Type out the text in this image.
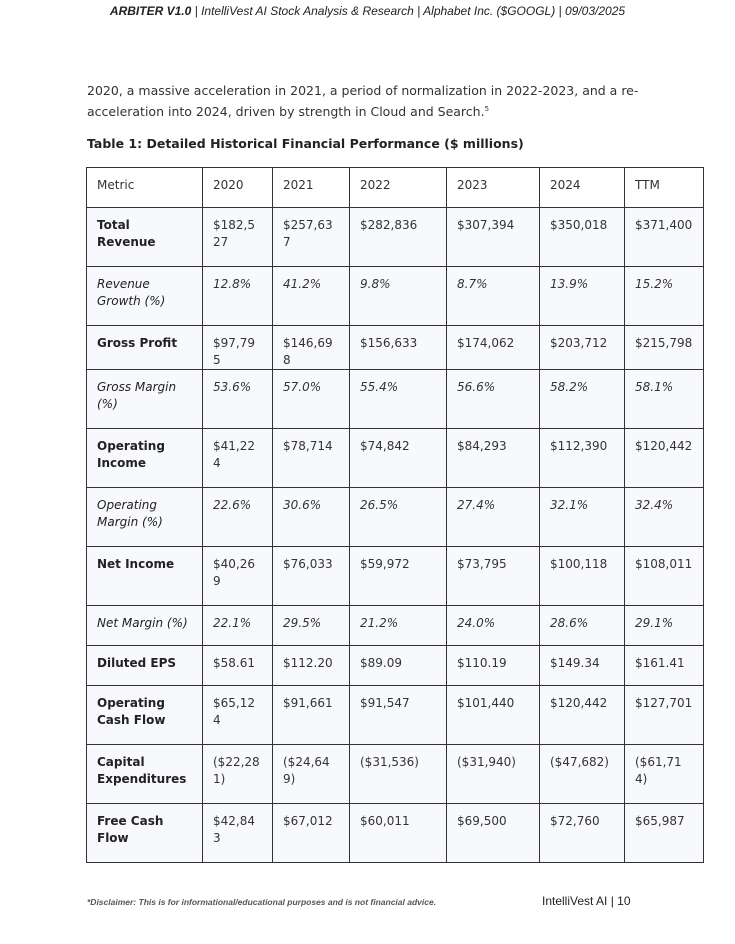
ARBITER V1.0 | IntelliVest AI Stock Analysis & Research | Alphabet Inc. ($GOOGL) | 09/03/2025
2020, a massive acceleration in 2021, a period of normalization in 2022-2023, and a re-acceleration into 2024, driven by strength in Cloud and Search.$^5$
Table 1: Detailed Historical Financial Performance ($ millions)
Metric	2020	2021	2022	2023	2024	TTM
Total Revenue	$182,527	$257,637	$282,836	$307,394	$350,018	$371,400
Revenue Growth (%)	12.8%	41.2%	9.8%	8.7%	13.9%	15.2%
Gross Profit	$97,795	$146,698	$156,633	$174,062	$203,712	$215,798
Gross Margin (%)	53.6%	57.0%	55.4%	56.6%	58.2%	58.1%
Operating Income	$41,224	$78,714	$74,842	$84,293	$112,390	$120,442
Operating Margin (%)	22.6%	30.6%	26.5%	27.4%	32.1%	32.4%
Net Income	$40,269	$76,033	$59,972	$73,795	$100,118	$108,011
Net Margin (%)	22.1%	29.5%	21.2%	24.0%	28.6%	29.1%
Diluted EPS	$58.61	$112.20	$89.09	$110.19	$149.34	$161.41
Operating Cash Flow	$65,124	$91,661	$91,547	$101,440	$120,442	$127,701
Capital Expenditures	($22,281)	($24,649)	($31,536)	($31,940)	($47,682)	($61,714)
Free Cash Flow	$42,843	$67,012	$60,011	$69,500	$72,760	$65,987
*Disclaimer: This is for informational/educational purposes and is not financial advice.	IntelliVest AI | 10
